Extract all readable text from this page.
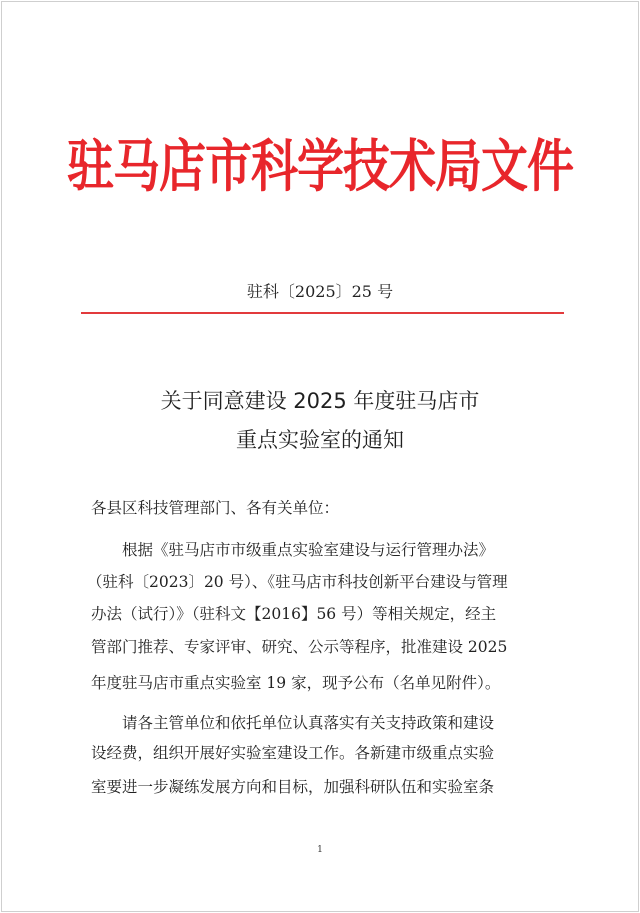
驻马店市科学技术局文件
驻科〔2025〕25 号
关于同意建设 2025 年度驻马店市
重点实验室的通知
各县区科技管理部门、各有关单位：
根据《驻马店市市级重点实验室建设与运行管理办法》
（驻科〔2023〕20 号）、《驻马店市科技创新平台建设与管理
办法（试行）》（驻科文【2016】56 号）等相关规定，经主
管部门推荐、专家评审、研究、公示等程序，批准建设 2025
年度驻马店市重点实验室 19 家，现予公布（名单见附件）。
请各主管单位和依托单位认真落实有关支持政策和建设
设经费，组织开展好实验室建设工作。各新建市级重点实验
室要进一步凝练发展方向和目标，加强科研队伍和实验室条
1
